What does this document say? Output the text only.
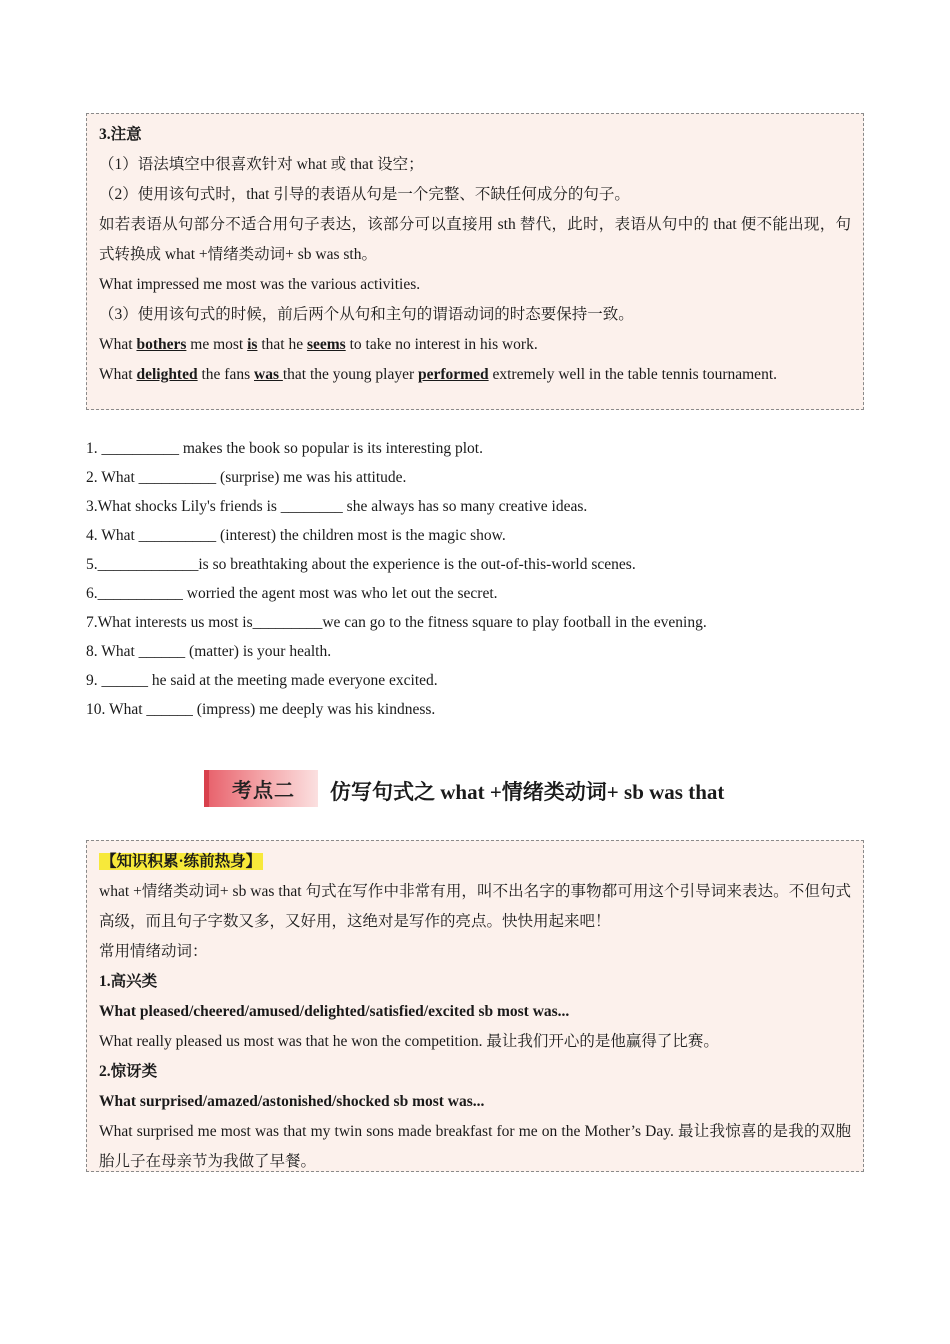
3.注意
（1）语法填空中很喜欢针对 what 或 that 设空；
（2）使用该句式时，that 引导的表语从句是一个完整、不缺任何成分的句子。
如若表语从句部分不适合用句子表达，该部分可以直接用 sth 替代，此时，表语从句中的 that 便不能出现，句式转换成 what +情绪类动词+ sb was sth。
What impressed me most was the various activities.
（3）使用该句式的时候，前后两个从句和主句的谓语动词的时态要保持一致。
What bothers me most is that he seems to take no interest in his work.
What delighted the fans was that the young player performed extremely well in the table tennis tournament.
1. __________ makes the book so popular is its interesting plot.
2. What __________ (surprise) me was his attitude.
3.What shocks Lily's friends is ________ she always has so many creative ideas.
4. What __________ (interest) the children most is the magic show.
5._____________is so breathtaking about the experience is the out-of-this-world scenes.
6.___________ worried the agent most was who let out the secret.
7.What interests us most is_________we can go to the fitness square to play football in the evening.
8. What ______ (matter) is your health.
9. ______ he said at the meeting made everyone excited.
10. What ______ (impress) me deeply was his kindness.
考点二	仿写句式之 what +情绪类动词+ sb was that
【知识积累·练前热身】
what +情绪类动词+ sb was that 句式在写作中非常有用，叫不出名字的事物都可用这个引导词来表达。不但句式高级，而且句子字数又多，又好用，这绝对是写作的亮点。快快用起来吧！
常用情绪动词：
1.高兴类
What pleased/cheered/amused/delighted/satisfied/excited sb most was...
What really pleased us most was that he won the competition. 最让我们开心的是他赢得了比赛。
2.惊讶类
What surprised/amazed/astonished/shocked sb most was...
What surprised me most was that my twin sons made breakfast for me on the Mother’s Day. 最让我惊喜的是我的双胞胎儿子在母亲节为我做了早餐。
